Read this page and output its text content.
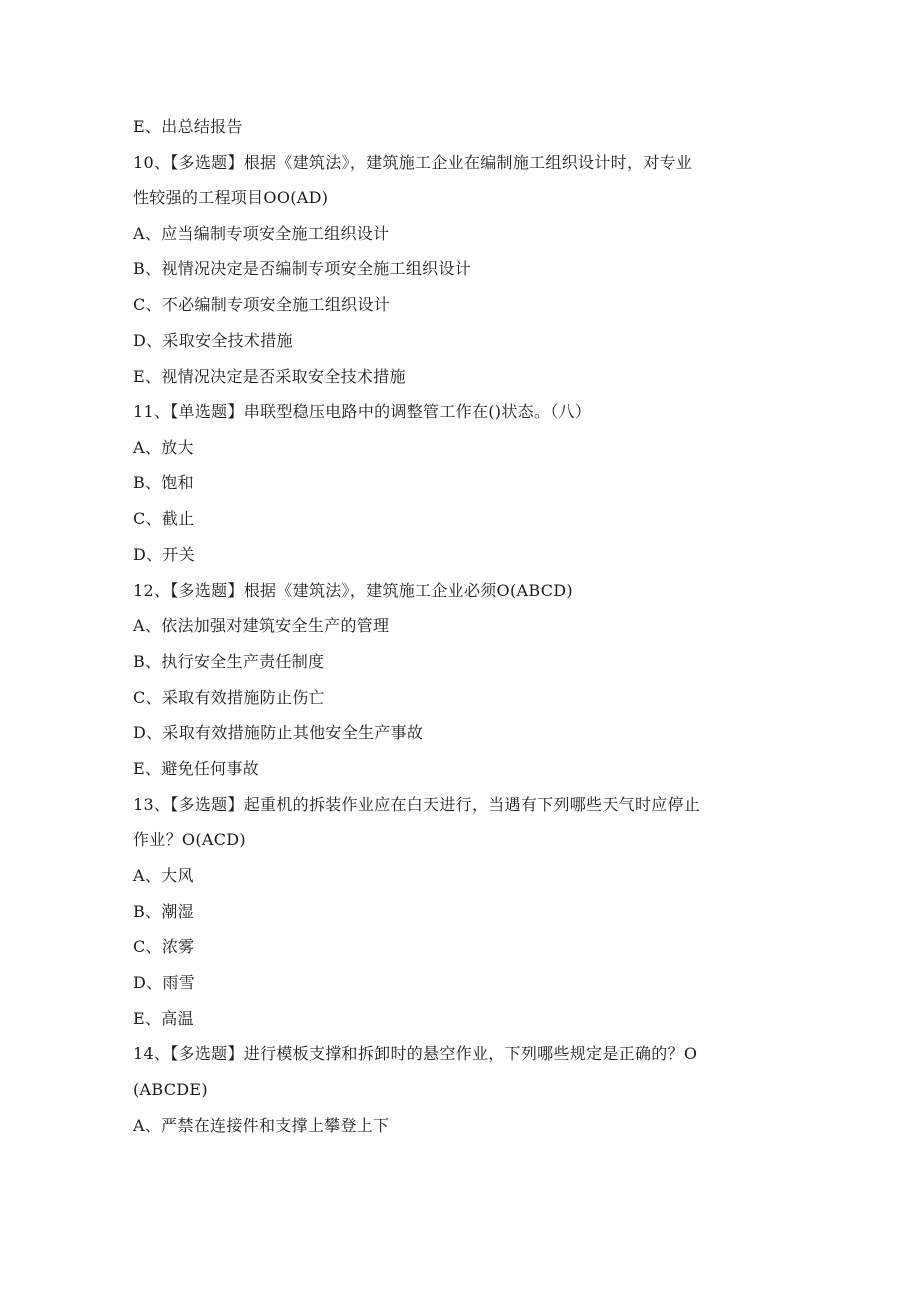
E、出总结报告
10、【多选题】根据《建筑法》，建筑施工企业在编制施工组织设计时，对专业
性较强的工程项目OO(AD)
A、应当编制专项安全施工组织设计
B、视情况决定是否编制专项安全施工组织设计
C、不必编制专项安全施工组织设计
D、采取安全技术措施
E、视情况决定是否采取安全技术措施
11、【单选题】串联型稳压电路中的调整管工作在()状态。（八）
A、放大
B、饱和
C、截止
D、开关
12、【多选题】根据《建筑法》，建筑施工企业必须O(ABCD)
A、依法加强对建筑安全生产的管理
B、执行安全生产责任制度
C、采取有效措施防止伤亡
D、采取有效措施防止其他安全生产事故
E、避免任何事故
13、【多选题】起重机的拆装作业应在白天进行，当遇有下列哪些天气时应停止
作业？O(ACD)
A、大风
B、潮湿
C、浓雾
D、雨雪
E、高温
14、【多选题】进行模板支撑和拆卸时的悬空作业，下列哪些规定是正确的？O
(ABCDE)
A、严禁在连接件和支撑上攀登上下
